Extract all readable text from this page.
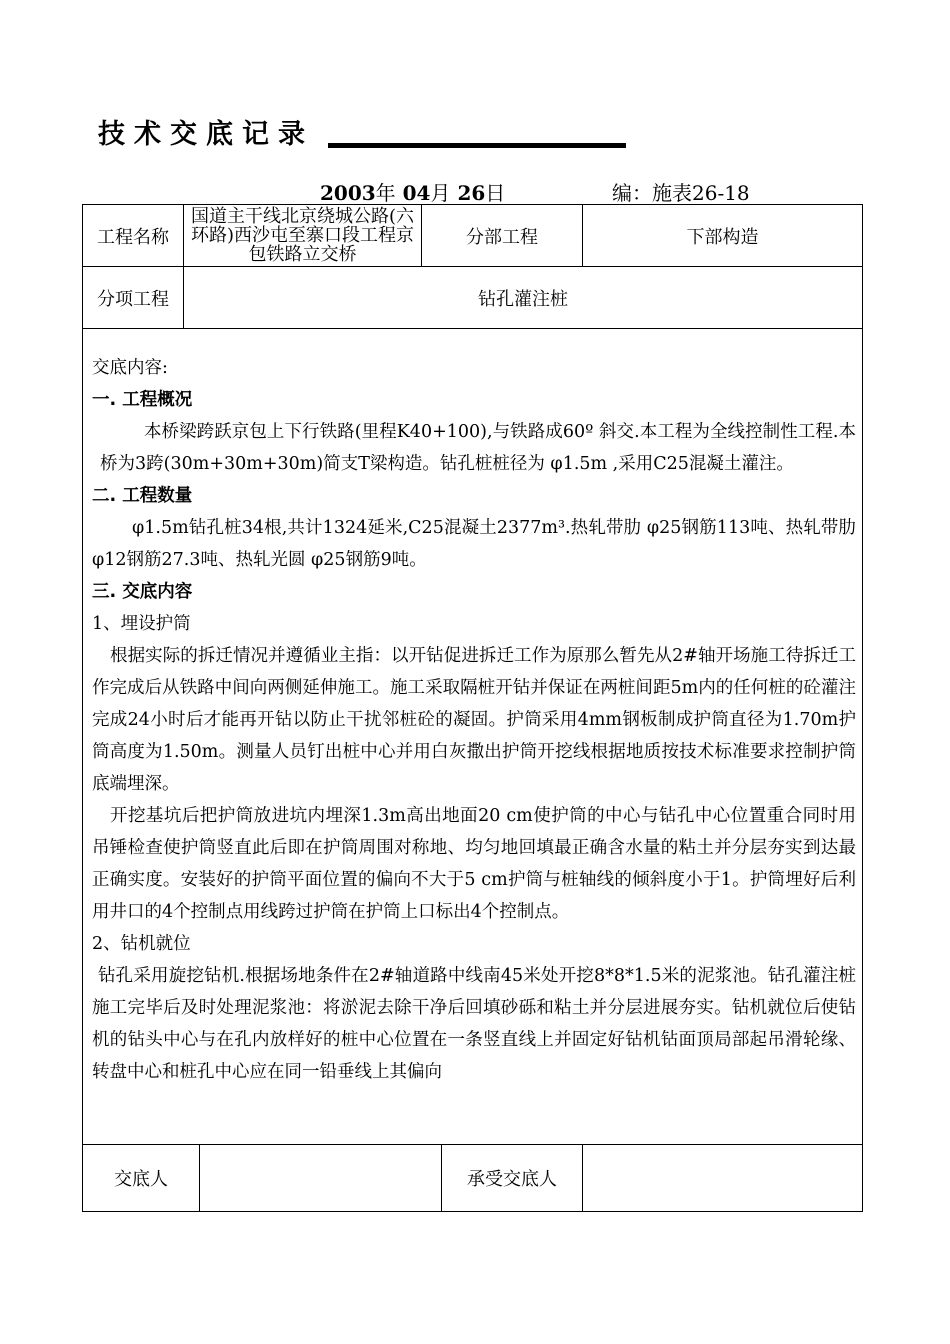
技术交底记录
2003年 04月 26日	编：施表26-18
工程名称	国道主干线北京绕城公路(六环路)西沙屯至寨口段工程京包铁路立交桥		分部工程		下部构造
分项工程	钻孔灌注桩				

交底人				承受交底人	

交底内容:

一. 工程概况

本桥梁跨跃京包上下行铁路(里程K40+100),与铁路成60º 斜交.本工程为全线控制性工程.本桥为3跨(30m+30m+30m)简支T梁构造。钻孔桩桩径为 φ1.5m ,采用C25混凝土灌注。

二. 工程数量

φ1.5m钻孔桩34根,共计1324延米,C25混凝土2377m³.热轧带肋 φ25钢筋113吨、热轧带肋 φ12钢筋27.3吨、热轧光圆 φ25钢筋9吨。

三. 交底内容

1、埋设护筒

根据实际的拆迁情况并遵循业主指：以开钻促进拆迁工作为原那么暂先从2#轴开场施工待拆迁工作完成后从铁路中间向两侧延伸施工。施工采取隔桩开钻并保证在两桩间距5m内的任何桩的砼灌注完成24小时后才能再开钻以防止干扰邻桩砼的凝固。护筒采用4mm钢板制成护筒直径为1.70m护筒高度为1.50m。测量人员钉出桩中心并用白灰撒出护筒开挖线根据地质按技术标准要求控制护筒底端埋深。

开挖基坑后把护筒放进坑内埋深1.3m高出地面20 cm使护筒的中心与钻孔中心位置重合同时用吊锤检查使护筒竖直此后即在护筒周围对称地、均匀地回填最正确含水量的粘土并分层夯实到达最正确实度。安装好的护筒平面位置的偏向不大于5 cm护筒与桩轴线的倾斜度小于1。护筒埋好后利用井口的4个控制点用线跨过护筒在护筒上口标出4个控制点。

2、钻机就位

钻孔采用旋挖钻机.根据场地条件在2#轴道路中线南45米处开挖8*8*1.5米的泥浆池。钻孔灌注桩施工完毕后及时处理泥浆池：将淤泥去除干净后回填砂砾和粘土并分层进展夯实。钻机就位后使钻机的钻头中心与在孔内放样好的桩中心位置在一条竖直线上并固定好钻机钻面顶局部起吊滑轮缘、转盘中心和桩孔中心应在同一铅垂线上其偏向
